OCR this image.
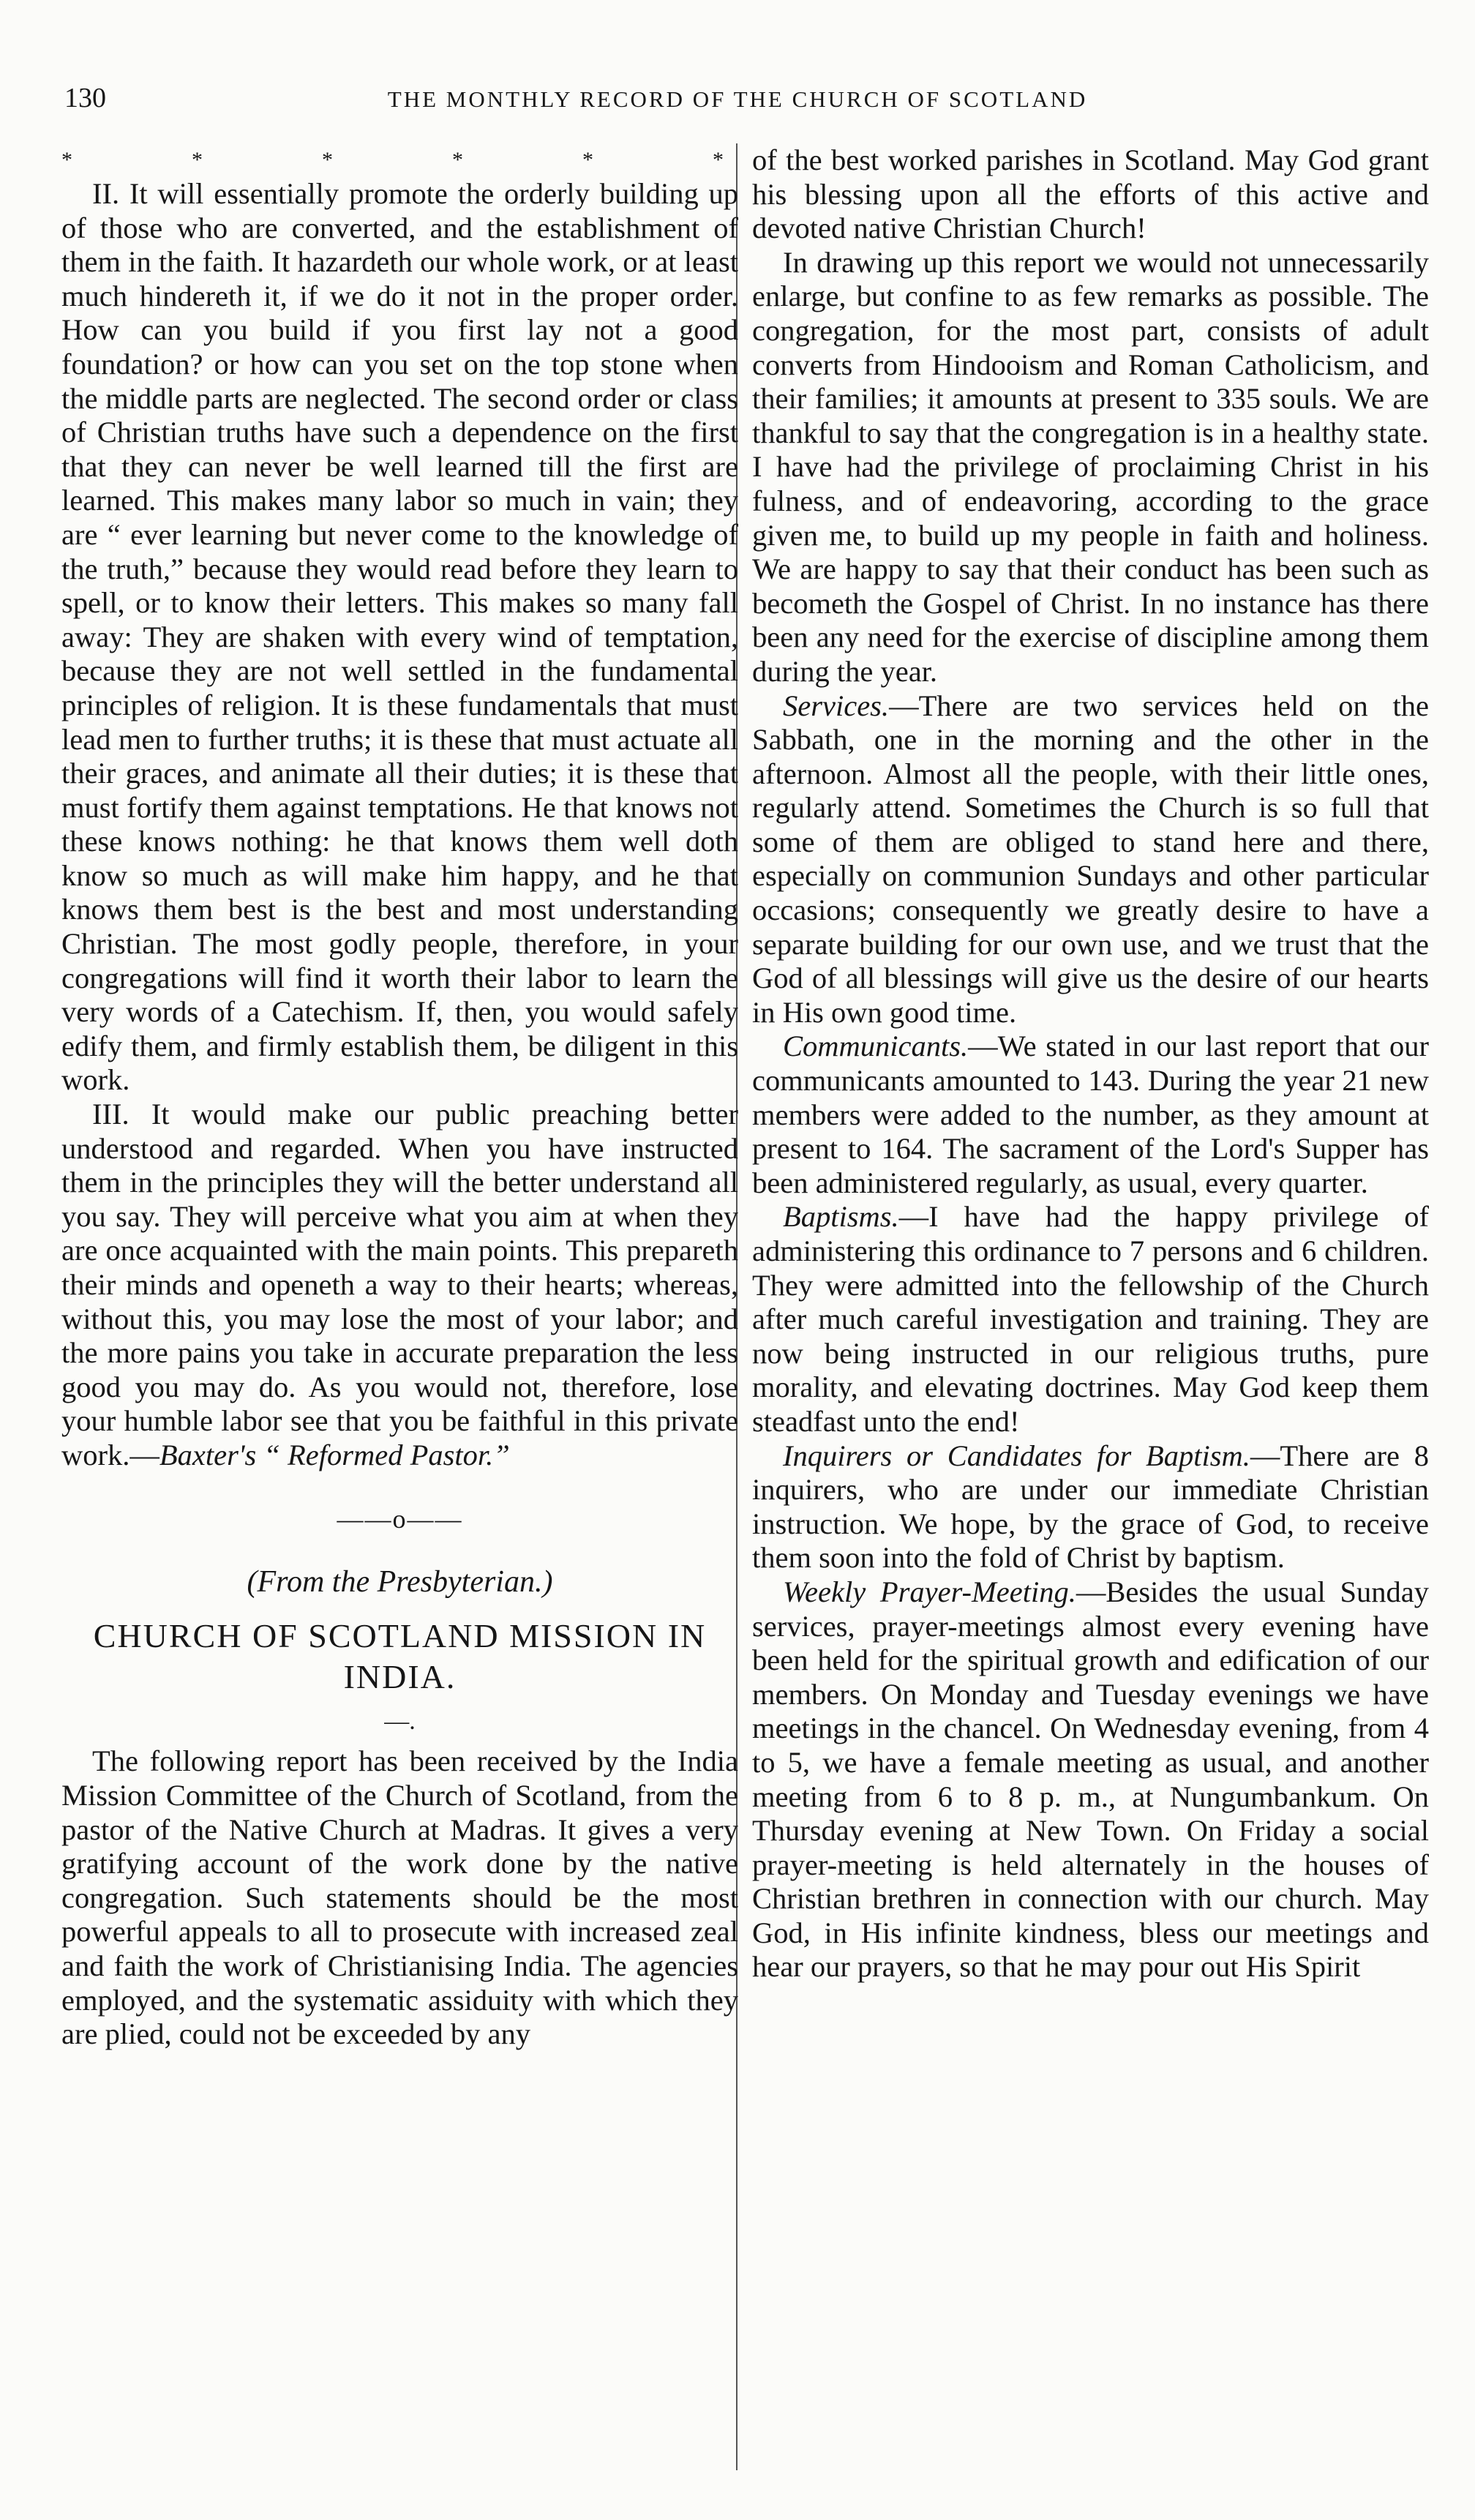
130	THE MONTHLY RECORD OF THE CHURCH OF SCOTLAND
* * * * * *

II. It will essentially promote the orderly building up of those who are converted, and the establishment of them in the faith. It hazardeth our whole work, or at least much hindereth it, if we do it not in the proper order. How can you build if you first lay not a good foundation? or how can you set on the top stone when the middle parts are neglected. The second order or class of Christian truths have such a dependence on the first that they can never be well learned till the first are learned. This makes many labor so much in vain; they are “ ever learning but never come to the knowledge of the truth,” because they would read before they learn to spell, or to know their letters. This makes so many fall away: They are shaken with every wind of temptation, because they are not well settled in the fundamental principles of religion. It is these fundamentals that must lead men to further truths; it is these that must actuate all their graces, and animate all their duties; it is these that must fortify them against temptations. He that knows not these knows nothing: he that knows them well doth know so much as will make him happy, and he that knows them best is the best and most understanding Christian. The most godly people, therefore, in your congregations will find it worth their labor to learn the very words of a Catechism. If, then, you would safely edify them, and firmly establish them, be diligent in this work.

III. It would make our public preaching better understood and regarded. When you have instructed them in the principles they will the better understand all you say. They will perceive what you aim at when they are once acquainted with the main points. This prepareth their minds and openeth a way to their hearts; whereas, without this, you may lose the most of your labor; and the more pains you take in accurate preparation the less good you may do. As you would not, therefore, lose your humble labor see that you be faithful in this private work.—Baxter's “ Reformed Pastor.”

——o——
(From the Presbyterian.)
CHURCH OF SCOTLAND MISSION IN INDIA.
—.

The following report has been received by the India Mission Committee of the Church of Scotland, from the pastor of the Native Church at Madras. It gives a very gratifying account of the work done by the native congregation. Such statements should be the most powerful appeals to all to prosecute with increased zeal and faith the work of Christianising India. The agencies employed, and the systematic assiduity with which they are plied, could not be exceeded by any

of the best worked parishes in Scotland. May God grant his blessing upon all the efforts of this active and devoted native Christian Church!

In drawing up this report we would not unnecessarily enlarge, but confine to as few remarks as possible. The congregation, for the most part, consists of adult converts from Hindooism and Roman Catholicism, and their families; it amounts at present to 335 souls. We are thankful to say that the congregation is in a healthy state. I have had the privilege of proclaiming Christ in his fulness, and of endeavoring, according to the grace given me, to build up my people in faith and holiness. We are happy to say that their conduct has been such as becometh the Gospel of Christ. In no instance has there been any need for the exercise of discipline among them during the year.

Services.—There are two services held on the Sabbath, one in the morning and the other in the afternoon. Almost all the people, with their little ones, regularly attend. Sometimes the Church is so full that some of them are obliged to stand here and there, especially on communion Sundays and other particular occasions; consequently we greatly desire to have a separate building for our own use, and we trust that the God of all blessings will give us the desire of our hearts in His own good time.

Communicants.—We stated in our last report that our communicants amounted to 143. During the year 21 new members were added to the number, as they amount at present to 164. The sacrament of the Lord's Supper has been administered regularly, as usual, every quarter.

Baptisms.—I have had the happy privilege of administering this ordinance to 7 persons and 6 children. They were admitted into the fellowship of the Church after much careful investigation and training. They are now being instructed in our religious truths, pure morality, and elevating doctrines. May God keep them steadfast unto the end!

Inquirers or Candidates for Baptism.—There are 8 inquirers, who are under our immediate Christian instruction. We hope, by the grace of God, to receive them soon into the fold of Christ by baptism.

Weekly Prayer-Meeting.—Besides the usual Sunday services, prayer-meetings almost every evening have been held for the spiritual growth and edification of our members. On Monday and Tuesday evenings we have meetings in the chancel. On Wednesday evening, from 4 to 5, we have a female meeting as usual, and another meeting from 6 to 8 p. m., at Nungumbankum. On Thursday evening at New Town. On Friday a social prayer-meeting is held alternately in the houses of Christian brethren in connection with our church. May God, in His infinite kindness, bless our meetings and hear our prayers, so that he may pour out His Spirit
